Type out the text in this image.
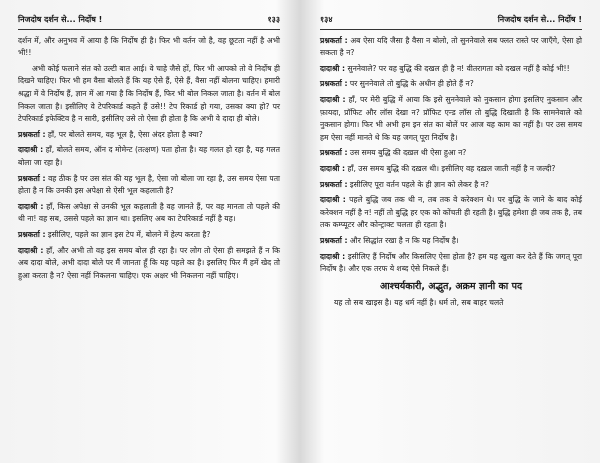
निजदोष दर्शन से... निर्दोष !	१३३

दर्शन में, और अनुभव में आया है कि निर्दोष ही है। फिर भी वर्तन जो है, वह छूटता नहीं है अभी भी!!

अभी कोई फलाने संत को उल्टी बात आई। वे चाहे जैसे हों, फिर भी आपको तो वे निर्दोष ही दिखने चाहिए। फिर भी हम वैसा बोलते हैं कि यह ऐसे हैं, ऐसे हैं, वैसा नहीं बोलना चाहिए। हमारी श्रद्धा में वे निर्दोष हैं, ज्ञान में आ गया है कि निर्दोष हैं, फिर भी बोल निकल जाता है। वर्तन में बोल निकल जाता है। इसीलिए वे टेपरिकार्ड कहते हैं उसे!! टेप रिकार्ड हो गया, उसका क्या हो? पर टेपरिकार्ड इफेक्टिव है न सारी, इसीलिए उसे तो ऐसा ही होता है कि अभी वे दादा ही बोले।

प्रश्नकर्ता : हाँ, पर बोलते समय, वह भूल है, ऐसा अंदर होता है क्या?

दादाश्री : हाँ, बोलते समय, ऑन द मोमेन्ट (तत्क्षण) पता होता है। यह गलत हो रहा है, यह गलत बोला जा रहा है।

प्रश्नकर्ता : वह ठीक है पर उस संत की यह भूल है, ऐसा जो बोला जा रहा है, उस समय ऐसा पता होता है न कि उनकी इस अपेक्षा से ऐसी भूल कहलाती है?

दादाश्री : हाँ, किस अपेक्षा से उनकी भूल कहलाती है वह जानते हैं, पर वह मानता तो पहले की थी ना! वह सब, उससे पहले का ज्ञान था। इसलिए अब का टेपरिकार्ड नहीं है यह।

प्रश्नकर्ता : इसीलिए, पहले का ज्ञान इस टेप में, बोलने में हेल्प करता है?

दादाश्री : हाँ, और अभी तो वह इस समय बोल ही रहा है। पर लोग तो ऐसा ही समझते हैं न कि अब दादा बोले, अभी दादा बोले पर मैं जानता हूँ कि यह पहले का है। इसलिए फिर मैं हमें खेद तो हुआ करता है न? ऐसा नहीं निकलना चाहिए। एक अक्षर भी निकलना नहीं चाहिए।

१३४	निजदोष दर्शन से... निर्दोष !

प्रश्नकर्ता : अब ऐसा यदि जैसा है वैसा न बोलो, तो सुननेवाले सब फ्लत रास्ते पर जाएँगे, ऐसा हो सकता है न?

दादाश्री : सुननेवाले? पर वह बुद्धि की दखल ही है न! वीतरागता को दखल नहीं है कोई भी!!

प्रश्नकर्ता : पर सुननेवाले तो बुद्धि के अधीन ही होते हैं न?

दादाश्री : हाँ, पर मेरी बुद्धि में आया कि इसे सुननेवाले को नुकसान होगा इसलिए नुकसान और फ़ायदा, प्रॉफिट और लॉस देखा न? प्रॉफिट एन्ड लॉस तो बुद्धि दिखाती है कि सामनेवाले को नुकसान होगा। फिर भी अभी हम इन संत का बोलें पर आज यह काम का नहीं है। पर उस समय हम ऐसा नहीं मानते थे कि यह जगत् पूरा निर्दोष है।

प्रश्नकर्ता : उस समय बुद्धि की दख़ल थी ऐसा हुआ न?

दादाश्री : हाँ, उस समय बुद्धि की दख़ल थी। इसीलिए वह दख़ल जाती नहीं है न जल्दी?

प्रश्नकर्ता : इसीलिए पूरा वर्तन पहले के ही ज्ञान को लेकर है न?

दादाश्री : पहले बुद्धि जब तक थी न, तब तक वे करेक्शन थे। पर बुद्धि के जाने के बाद कोई करेक्शन नहीं है न! नहीं तो बुद्धि हर एक को कोंचती ही रहती है। बुद्धि हमेशा ही जब तक है, तब तक कम्प्यूटर और कोन्ट्राक्ट चलता ही रहता है।

प्रश्नकर्ता : और सिद्धांत रखा है न कि यह निर्दोष है।

दादाश्री : इसीलिए हैं निर्दोष और किसलिए ऐसा होता है? हम यह खुला कर देते हैं कि जगत् पूरा निर्दोष है। और एक तरफ ये शब्द ऐसे निकले हैं।

आश्चर्यकारी, अद्भुत, अक्रम ज्ञानी का पद

यह तो सब खाइस है। यह धर्म नहीं है। धर्म तो, सब बाहर चलते
